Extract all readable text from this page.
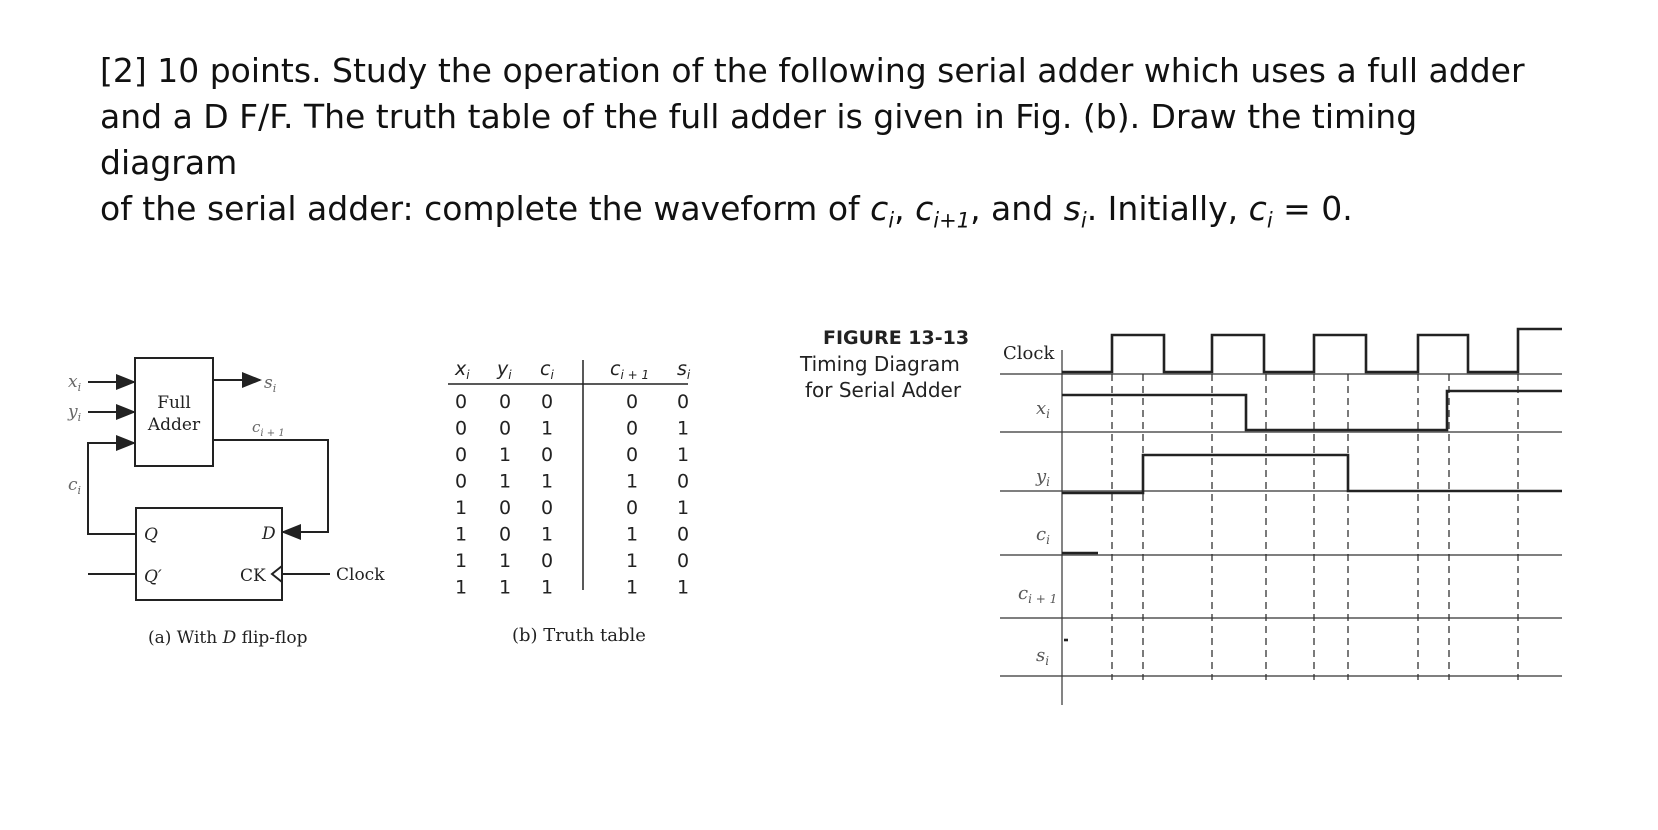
[2] 10 points. Study the operation of the following serial adder which uses a full adder
and a D F/F. The truth table of the full adder is given in Fig. (b). Draw the timing diagram
of the serial adder: complete the waveform of $c_i$, $c_{i+1}$, and $s_i$. Initially, $c_i = 0$.
$x_i$
$y_i$
$c_i$
$s_i$
$c_{i + 1}$
Full
Adder
Q
Q′
D
CK	Clock
(a) With D flip-flop
$x_i$ $y_i$ $c_i$	$c_{i + 1}$ $s_i$
0 0 0	0 0
0 0 1	0 1
0 1 0	0 1
0 1 1	1 0
1 0 0	0 1
1 0 1	1 0
1 1 0	1 0
1 1 1	1 1
(b) Truth table
FIGURE 13-13
Timing Diagram
for Serial Adder
Clock
$x_i$
$y_i$
$c_i$
$c_{i + 1}$
$s_i$
